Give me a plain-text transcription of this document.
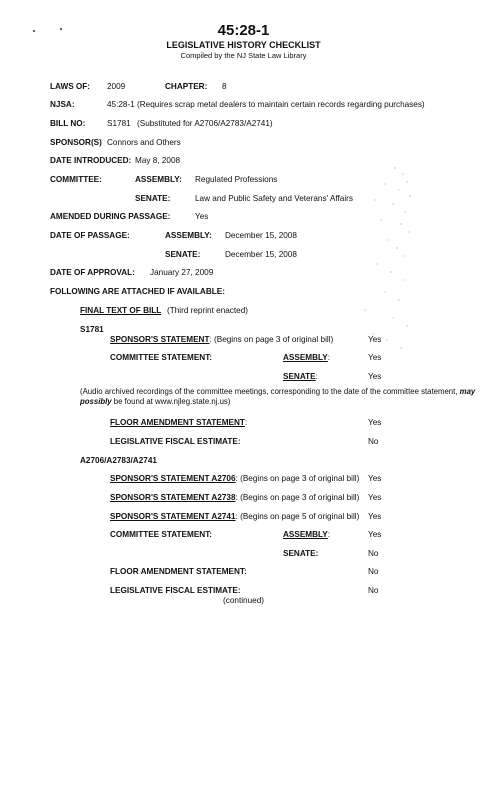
45:28-1
LEGISLATIVE HISTORY CHECKLIST
Compiled by the NJ State Law Library
LAWS OF: 2009	CHAPTER: 8
NJSA:	45:28-1 (Requires scrap metal dealers to maintain certain records regarding purchases)
BILL NO:	S1781 (Substituted for A2706/A2783/A2741)
SPONSOR(S) Connors and Others
DATE INTRODUCED: May 8, 2008
COMMITTEE:	ASSEMBLY: Regulated Professions
SENATE:	Law and Public Safety and Veterans' Affairs
AMENDED DURING PASSAGE:	Yes
DATE OF PASSAGE:	ASSEMBLY: December 15, 2008
SENATE:	December 15, 2008
DATE OF APPROVAL: January 27, 2009
FOLLOWING ARE ATTACHED IF AVAILABLE:
FINAL TEXT OF BILL (Third reprint enacted)
S1781
SPONSOR'S STATEMENT: (Begins on page 3 of original bill)	Yes
COMMITTEE STATEMENT:	ASSEMBLY:	Yes
SENATE:	Yes
(Audio archived recordings of the committee meetings, corresponding to the date of the committee statement, may possibly be found at www.njleg.state.nj.us)
FLOOR AMENDMENT STATEMENT:	Yes
LEGISLATIVE FISCAL ESTIMATE:	No
A2706/A2783/A2741
SPONSOR'S STATEMENT A2706: (Begins on page 3 of original bill) Yes
SPONSOR'S STATEMENT A2738: (Begins on page 3 of original bill) Yes
SPONSOR'S STATEMENT A2741: (Begins on page 5 of original bill) Yes
COMMITTEE STATEMENT:	ASSEMBLY:	Yes
SENATE:	No
FLOOR AMENDMENT STATEMENT:	No
LEGISLATIVE FISCAL ESTIMATE:	No
(continued)
